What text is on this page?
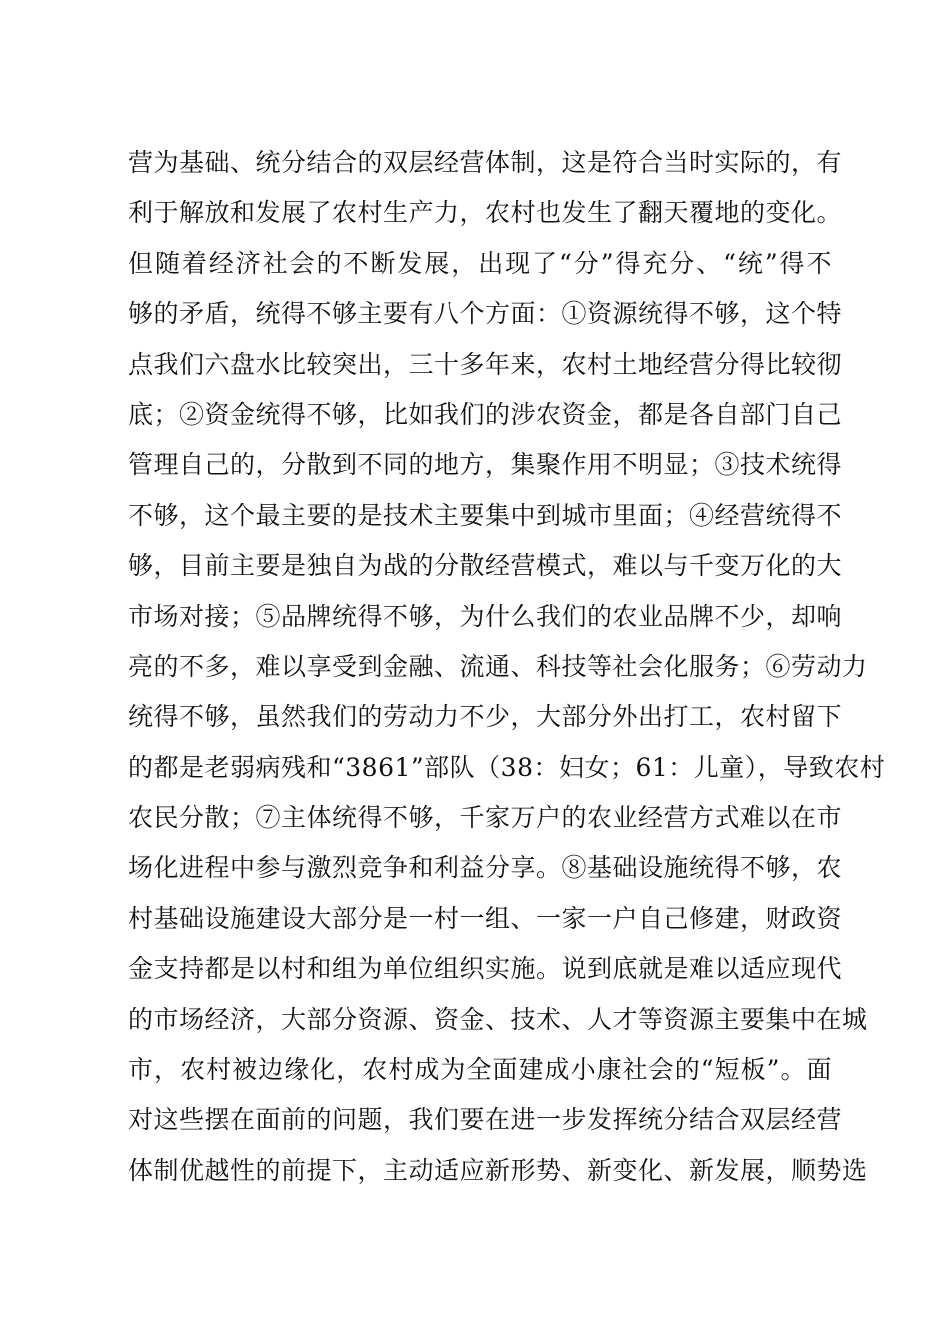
营为基础、统分结合的双层经营体制，这是符合当时实际的，有
利于解放和发展了农村生产力，农村也发生了翻天覆地的变化。
但随着经济社会的不断发展，出现了“分”得充分、“统”得不
够的矛盾，统得不够主要有八个方面：①资源统得不够，这个特
点我们六盘水比较突出，三十多年来，农村土地经营分得比较彻
底；②资金统得不够，比如我们的涉农资金，都是各自部门自己
管理自己的，分散到不同的地方，集聚作用不明显；③技术统得
不够，这个最主要的是技术主要集中到城市里面；④经营统得不
够，目前主要是独自为战的分散经营模式，难以与千变万化的大
市场对接；⑤品牌统得不够，为什么我们的农业品牌不少，却响
亮的不多，难以享受到金融、流通、科技等社会化服务；⑥劳动力
统得不够，虽然我们的劳动力不少，大部分外出打工，农村留下
的都是老弱病残和“3861”部队（38：妇女；61：儿童），导致农村
农民分散；⑦主体统得不够，千家万户的农业经营方式难以在市
场化进程中参与激烈竞争和利益分享。⑧基础设施统得不够，农
村基础设施建设大部分是一村一组、一家一户自己修建，财政资
金支持都是以村和组为单位组织实施。说到底就是难以适应现代
的市场经济，大部分资源、资金、技术、人才等资源主要集中在城
市，农村被边缘化，农村成为全面建成小康社会的“短板”。面
对这些摆在面前的问题，我们要在进一步发挥统分结合双层经营
体制优越性的前提下，主动适应新形势、新变化、新发展，顺势选
